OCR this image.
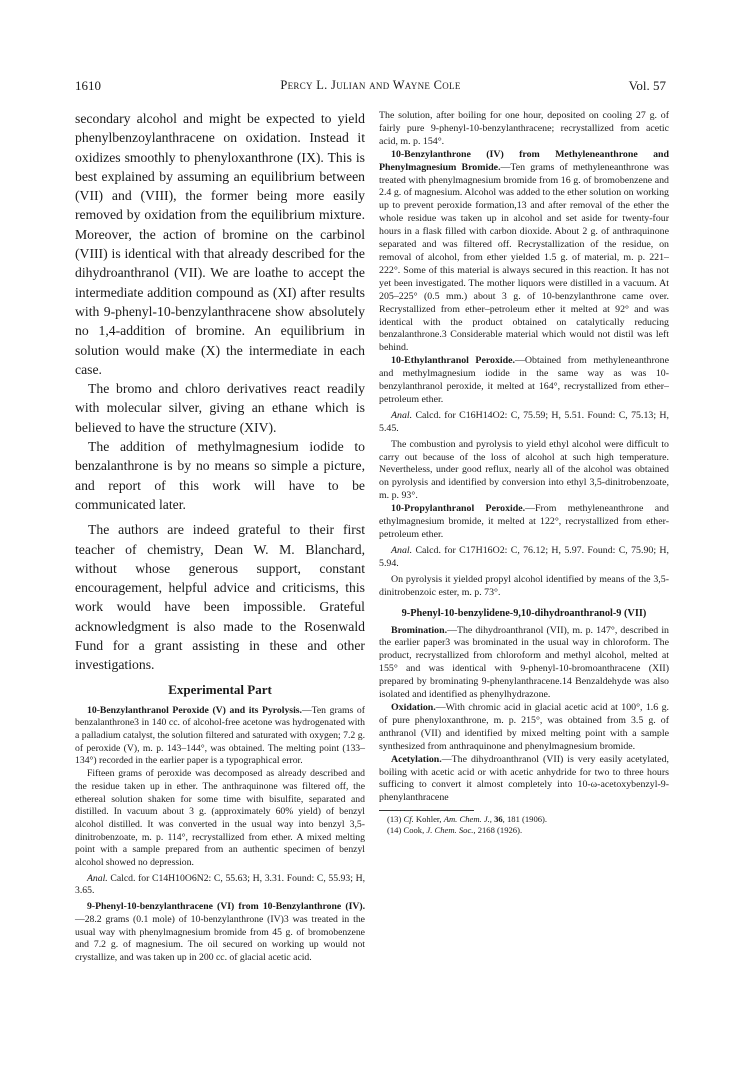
1610	Percy L. Julian and Wayne Cole	Vol. 57

secondary alcohol and might be expected to yield phenylbenzoylanthracene on oxidation. Instead it oxidizes smoothly to phenyloxanthrone (IX). This is best explained by assuming an equilibrium between (VII) and (VIII), the former being more easily removed by oxidation from the equilibrium mixture. Moreover, the action of bromine on the carbinol (VIII) is identical with that already described for the dihydroanthranol (VII). We are loathe to accept the intermediate addition compound as (XI) after results with 9-phenyl-10-benzylanthracene show absolutely no 1,4-addition of bromine. An equilibrium in solution would make (X) the intermediate in each case.

The bromo and chloro derivatives react readily with molecular silver, giving an ethane which is believed to have the structure (XIV).

The addition of methylmagnesium iodide to benzalanthrone is by no means so simple a picture, and report of this work will have to be communicated later.

The authors are indeed grateful to their first teacher of chemistry, Dean W. M. Blanchard, without whose generous support, constant encouragement, helpful advice and criticisms, this work would have been impossible. Grateful acknowledgment is also made to the Rosenwald Fund for a grant assisting in these and other investigations.

Experimental Part

10-Benzylanthranol Peroxide (V) and its Pyrolysis.—Ten grams of benzalanthrone3 in 140 cc. of alcohol-free acetone was hydrogenated with a palladium catalyst, the solution filtered and saturated with oxygen; 7.2 g. of peroxide (V), m. p. 143–144°, was obtained. The melting point (133–134°) recorded in the earlier paper is a typographical error.

Fifteen grams of peroxide was decomposed as already described and the residue taken up in ether. The anthraquinone was filtered off, the ethereal solution shaken for some time with bisulfite, separated and distilled. In vacuum about 3 g. (approximately 60% yield) of benzyl alcohol distilled. It was converted in the usual way into benzyl 3,5-dinitrobenzoate, m. p. 114°, recrystallized from ether. A mixed melting point with a sample prepared from an authentic specimen of benzyl alcohol showed no depression.

Anal. Calcd. for C14H10O6N2: C, 55.63; H, 3.31. Found: C, 55.93; H, 3.65.

9-Phenyl-10-benzylanthracene (VI) from 10-Benzylanthrone (IV).—28.2 grams (0.1 mole) of 10-benzylanthrone (IV)3 was treated in the usual way with phenylmagnesium bromide from 45 g. of bromobenzene and 7.2 g. of magnesium. The oil secured on working up would not crystallize, and was taken up in 200 cc. of glacial acetic acid.

The solution, after boiling for one hour, deposited on cooling 27 g. of fairly pure 9-phenyl-10-benzylanthracene; recrystallized from acetic acid, m. p. 154°.

10-Benzylanthrone (IV) from Methyleneanthrone and Phenylmagnesium Bromide.—Ten grams of methyleneanthrone was treated with phenylmagnesium bromide from 16 g. of bromobenzene and 2.4 g. of magnesium. Alcohol was added to the ether solution on working up to prevent peroxide formation,13 and after removal of the ether the whole residue was taken up in alcohol and set aside for twenty-four hours in a flask filled with carbon dioxide. About 2 g. of anthraquinone separated and was filtered off. Recrystallization of the residue, on removal of alcohol, from ether yielded 1.5 g. of material, m. p. 221–222°. Some of this material is always secured in this reaction. It has not yet been investigated. The mother liquors were distilled in a vacuum. At 205–225° (0.5 mm.) about 3 g. of 10-benzylanthrone came over. Recrystallized from ether–petroleum ether it melted at 92° and was identical with the product obtained on catalytically reducing benzalanthrone.3 Considerable material which would not distil was left behind.

10-Ethylanthranol Peroxide.—Obtained from methyleneanthrone and methylmagnesium iodide in the same way as was 10-benzylanthranol peroxide, it melted at 164°, recrystallized from ether–petroleum ether.

Anal. Calcd. for C16H14O2: C, 75.59; H, 5.51. Found: C, 75.13; H, 5.45.

The combustion and pyrolysis to yield ethyl alcohol were difficult to carry out because of the loss of alcohol at such high temperature. Nevertheless, under good reflux, nearly all of the alcohol was obtained on pyrolysis and identified by conversion into ethyl 3,5-dinitrobenzoate, m. p. 93°.

10-Propylanthranol Peroxide.—From methyleneanthrone and ethylmagnesium bromide, it melted at 122°, recrystallized from ether-petroleum ether.

Anal. Calcd. for C17H16O2: C, 76.12; H, 5.97. Found: C, 75.90; H, 5.94.

On pyrolysis it yielded propyl alcohol identified by means of the 3,5-dinitrobenzoic ester, m. p. 73°.

9-Phenyl-10-benzylidene-9,10-dihydroanthranol-9 (VII)

Bromination.—The dihydroanthranol (VII), m. p. 147°, described in the earlier paper3 was brominated in the usual way in chloroform. The product, recrystallized from chloroform and methyl alcohol, melted at 155° and was identical with 9-phenyl-10-bromoanthracene (XII) prepared by brominating 9-phenylanthracene.14 Benzaldehyde was also isolated and identified as phenylhydrazone.

Oxidation.—With chromic acid in glacial acetic acid at 100°, 1.6 g. of pure phenyloxanthrone, m. p. 215°, was obtained from 3.5 g. of anthranol (VII) and identified by mixed melting point with a sample synthesized from anthraquinone and phenylmagnesium bromide.

Acetylation.—The dihydroanthranol (VII) is very easily acetylated, boiling with acetic acid or with acetic anhydride for two to three hours sufficing to convert it almost completely into 10-ω-acetoxybenzyl-9-phenylanthracene

(13) Cf. Kohler, Am. Chem. J., 36, 181 (1906).

(14) Cook, J. Chem. Soc., 2168 (1926).
